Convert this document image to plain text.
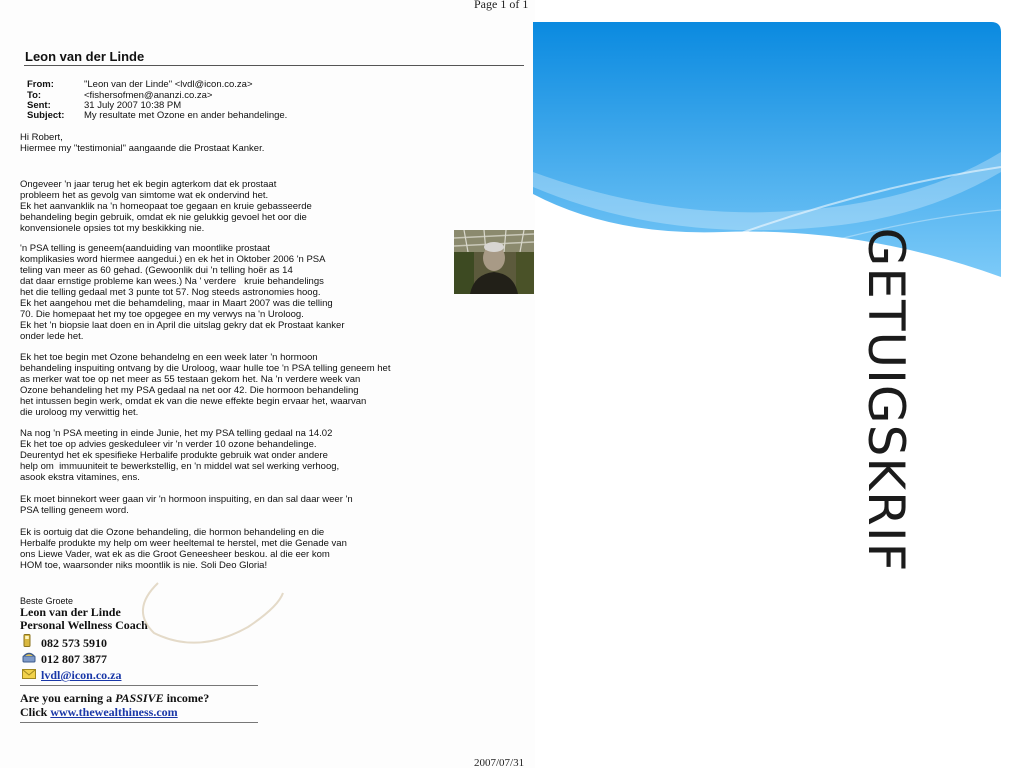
Page 1 of 1
Leon van der Linde
From:	"Leon van der Linde" <lvdl@icon.co.za>
To:	<fishersofmen@ananzi.co.za>
Sent:	31 July 2007 10:38 PM
Subject: My resultate met Ozone en ander behandelinge.

Hi Robert,
Hiermee my "testimonial" aangaande die Prostaat Kanker.

Ongeveer 'n jaar terug het ek begin agterkom dat ek prostaat
probleem het as gevolg van simtome wat ek ondervind het.
Ek het aanvanklik na 'n homeopaat toe gegaan en kruie gebasseerde
behandeling begin gebruik, omdat ek nie gelukkig gevoel het oor die
konvensionele opsies tot my beskikking nie.

'n PSA telling is geneem(aanduiding van moontlike prostaat
komplikasies word hiermee aangedui.) en ek het in Oktober 2006 'n PSA
teling van meer as 60 gehad. (Gewoonlik dui 'n telling hoër as 14
dat daar ernstige probleme kan wees.) Na ' verdere   kruie behandelings
het die telling gedaal met 3 punte tot 57. Nog steeds astronomies hoog.
Ek het aangehou met die behamdeling, maar in Maart 2007 was die telling
70. Die homepaat het my toe opgegee en my verwys na 'n Uroloog.
Ek het 'n biopsie laat doen en in April die uitslag gekry dat ek Prostaat kanker
onder lede het.

Ek het toe begin met Ozone behandelng en een week later 'n hormoon
behandeling inspuiting ontvang by die Uroloog, waar hulle toe 'n PSA telling geneem het
as merker wat toe op net meer as 55 testaan gekom het. Na 'n verdere week van
Ozone behandeling het my PSA gedaal na net oor 42. Die hormoon behandeling
het intussen begin werk, omdat ek van die newe effekte begin ervaar het, waarvan
die uroloog my verwittig het.

Na nog 'n PSA meeting in einde Junie, het my PSA telling gedaal na 14.02
Ek het toe op advies geskeduleer vir 'n verder 10 ozone behandelinge.
Deurentyd het ek spesifieke Herbalife produkte gebruik wat onder andere
help om  immuuniteit te bewerkstellig, en 'n middel wat sel werking verhoog,
asook ekstra vitamines, ens.

Ek moet binnekort weer gaan vir 'n hormoon inspuiting, en dan sal daar weer 'n
PSA telling geneem word.

Ek is oortuig dat die Ozone behandeling, die hormon behandeling en die
Herbalfe produkte my help om weer heeltemal te herstel, met die Genade van
ons Liewe Vader, wat ek as die Groot Geneesheer beskou. al die eer kom
HOM toe, waarsonder niks moontlik is nie. Soli Deo Gloria!

Beste Groete
Leon van der Linde
Personal Wellness Coach
082 573 5910
012 807 3877
lvdl@icon.co.za
Are you earning a PASSIVE income?
Click www.thewealthiness.com
2007/07/31
GETUIGSKRIF
